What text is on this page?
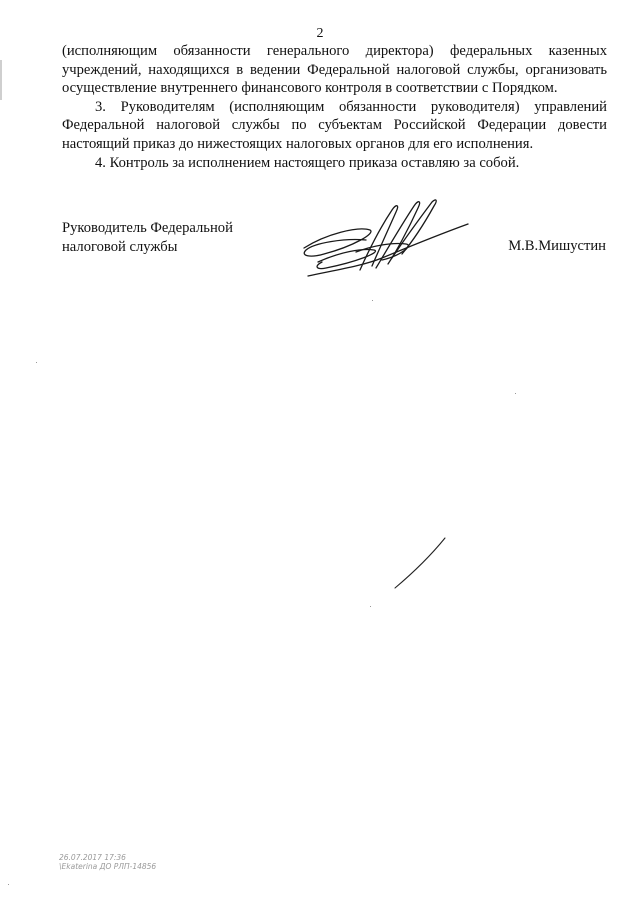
2

(исполняющим обязанности генерального директора) федеральных казенных учреждений, находящихся в ведении Федеральной налоговой службы, организовать осуществление внутреннего финансового контроля в соответствии с Порядком.

3. Руководителям (исполняющим обязанности руководителя) управлений Федеральной налоговой службы по субъектам Российской Федерации довести настоящий приказ до нижестоящих налоговых органов для его исполнения.

4. Контроль за исполнением настоящего приказа оставляю за собой.

Руководитель Федеральной
налоговой службы	М.В.Мишустин
26.07.2017 17:36
\Ekaterina ДО РЛП-14856
